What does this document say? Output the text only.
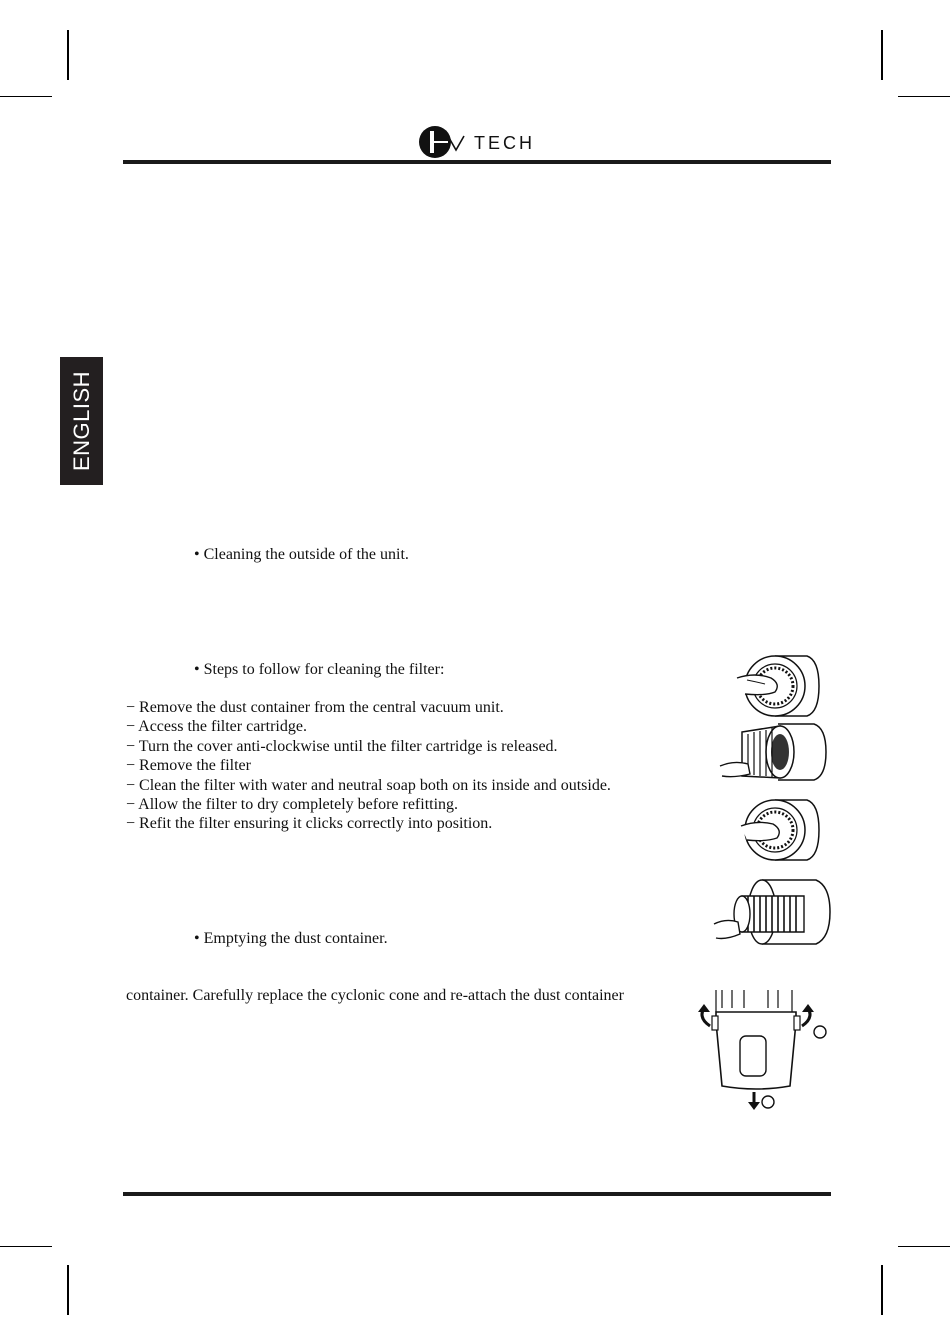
TECH
ENGLISH
• Cleaning the outside of the unit.
• Steps to follow for cleaning the filter:
− Remove the dust container from the central vacuum unit.
− Access the filter cartridge.
− Turn the cover anti-clockwise until the filter cartridge is released.
− Remove the filter
− Clean the filter with water and neutral soap both on its inside and outside.
− Allow the filter to dry completely before refitting.
− Refit the filter ensuring it clicks correctly into position.
• Emptying the dust container.
container. Carefully replace the cyclonic cone and re-attach the dust container
